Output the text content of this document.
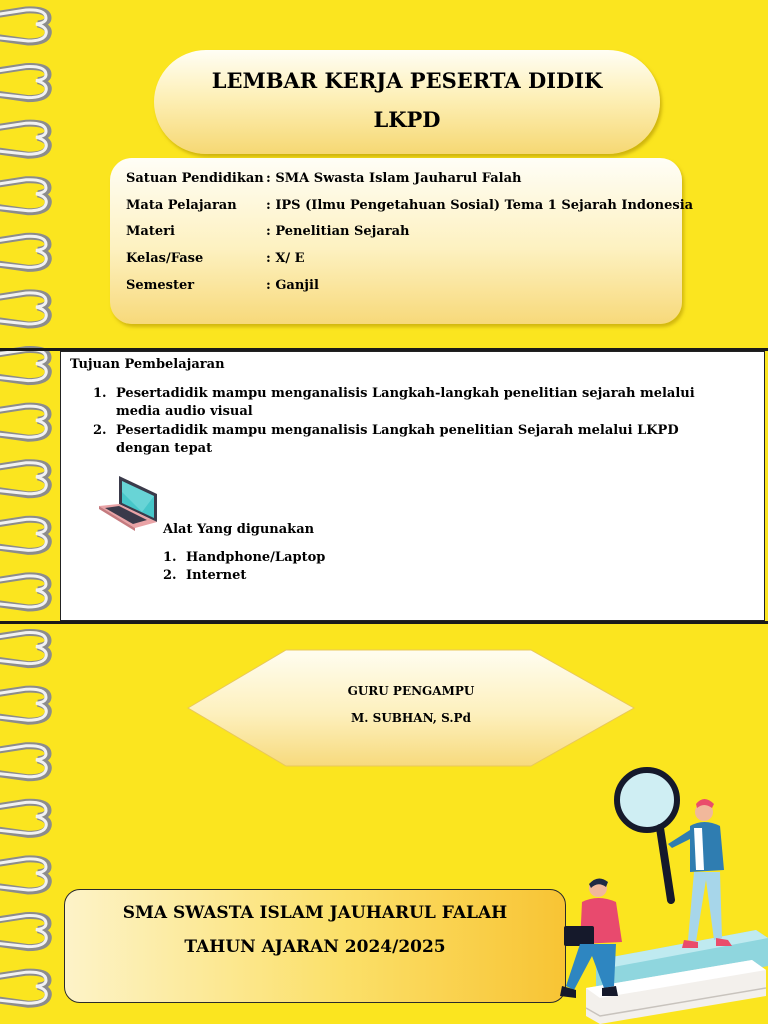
LEMBAR KERJA PESERTA DIDIK
LKPD
Satuan Pendidikan : SMA Swasta Islam Jauharul Falah
Mata Pelajaran : IPS (Ilmu Pengetahuan Sosial) Tema 1 Sejarah Indonesia
Materi	: Penelitian Sejarah
Kelas/Fase	: X/ E
Semester	: Ganjil
Tujuan Pembelajaran
1. Pesertadidik mampu menganalisis Langkah-langkah penelitian sejarah melalui media audio visual
2. Pesertadidik mampu menganalisis Langkah penelitian Sejarah melalui LKPD dengan tepat
Alat Yang digunakan
1. Handphone/Laptop
2. Internet
GURU PENGAMPU
M. SUBHAN, S.Pd
SMA SWASTA ISLAM JAUHARUL FALAH
TAHUN AJARAN 2024/2025
